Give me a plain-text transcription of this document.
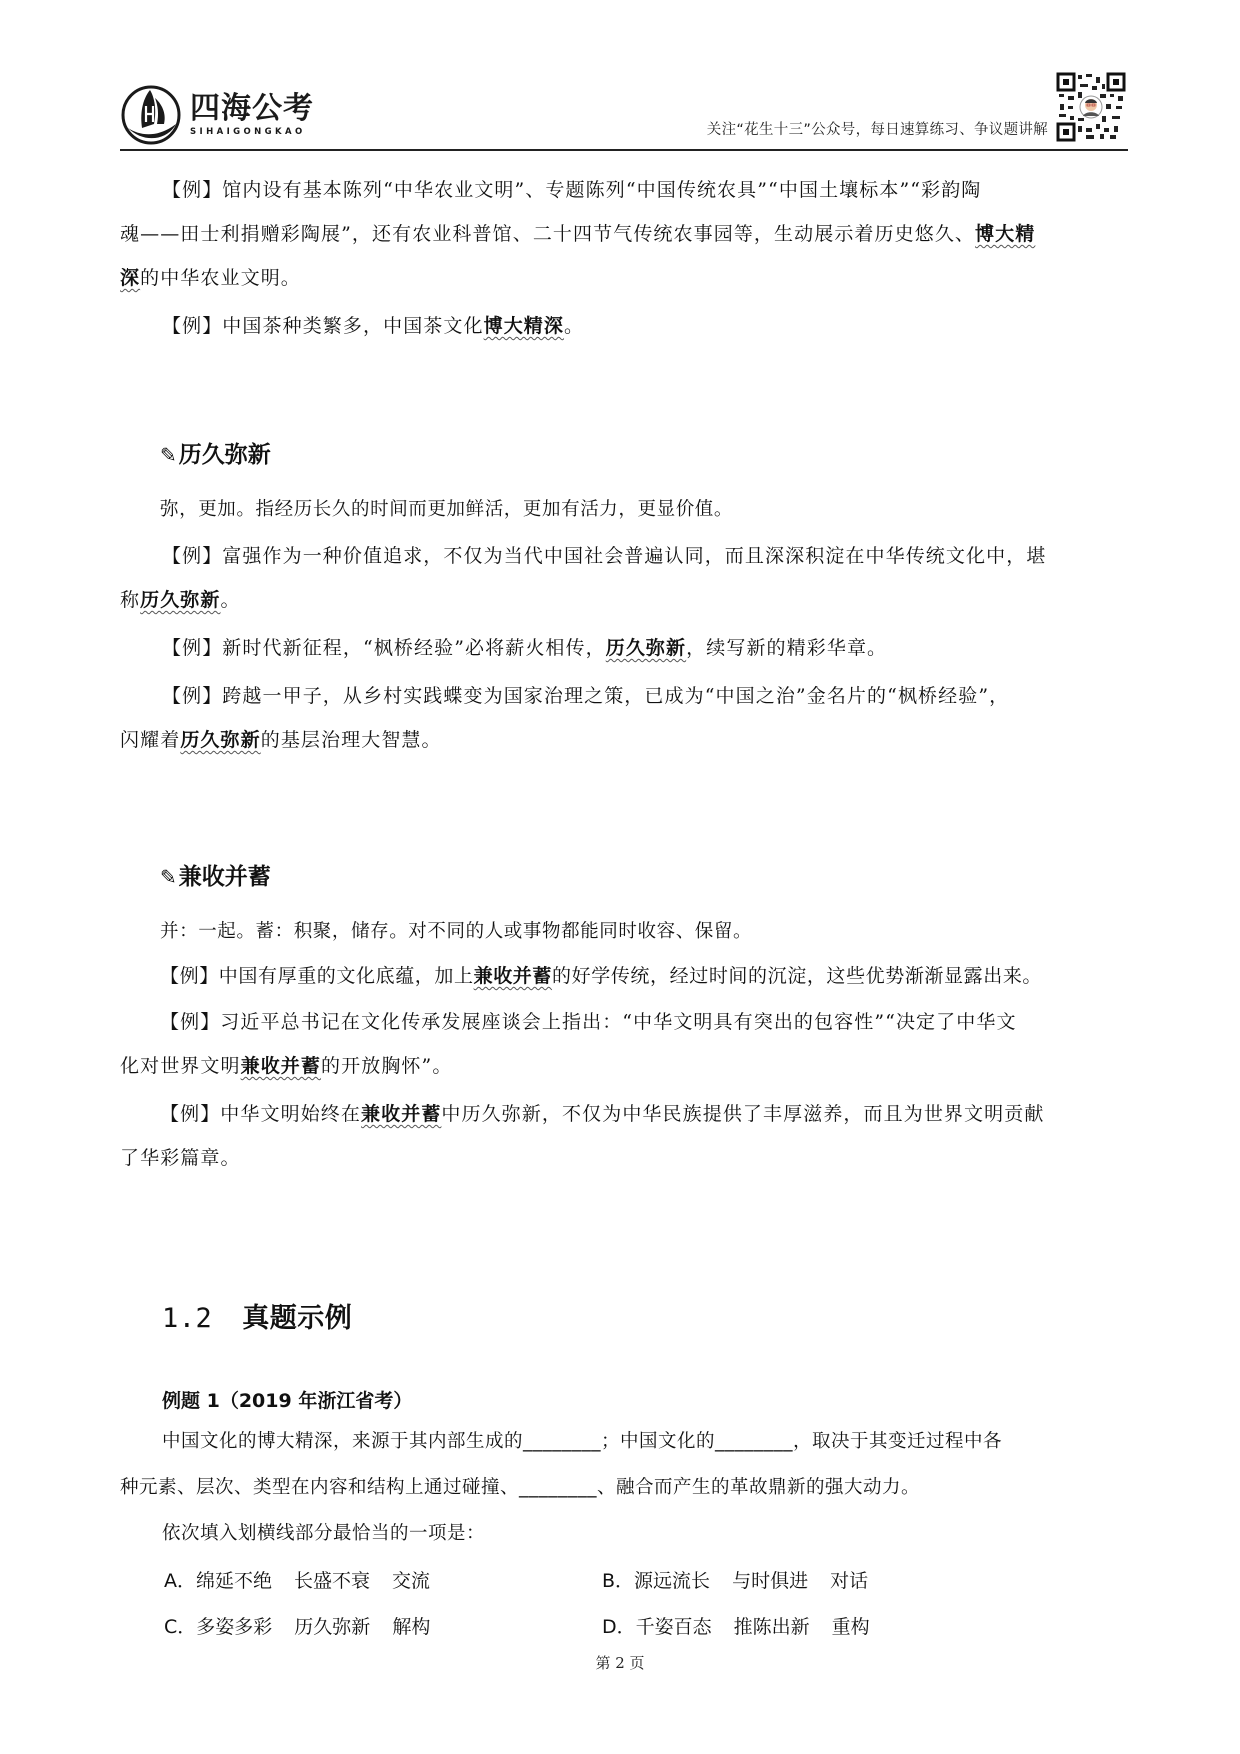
四海公考
SIHAIGONGKAO	关注“花生十三”公众号，每日速算练习、争议题讲解
【例】馆内设有基本陈列“中华农业文明”、专题陈列“中国传统农具”“中国土壤标本”“彩韵陶
魂——田士利捐赠彩陶展”，还有农业科普馆、二十四节气传统农事园等，生动展示着历史悠久、博大精
深的中华农业文明。
【例】中国茶种类繁多，中国茶文化博大精深。
✎历久弥新
弥，更加。指经历长久的时间而更加鲜活，更加有活力，更显价值。
【例】富强作为一种价值追求，不仅为当代中国社会普遍认同，而且深深积淀在中华传统文化中，堪
称历久弥新。
【例】新时代新征程，“枫桥经验”必将薪火相传，历久弥新，续写新的精彩华章。
【例】跨越一甲子，从乡村实践蝶变为国家治理之策，已成为“中国之治”金名片的“枫桥经验”，
闪耀着历久弥新的基层治理大智慧。
✎兼收并蓄
并：一起。蓄：积聚，储存。对不同的人或事物都能同时收容、保留。
【例】中国有厚重的文化底蕴，加上兼收并蓄的好学传统，经过时间的沉淀，这些优势渐渐显露出来。
【例】习近平总书记在文化传承发展座谈会上指出：“中华文明具有突出的包容性”“决定了中华文
化对世界文明兼收并蓄的开放胸怀”。
【例】中华文明始终在兼收并蓄中历久弥新，不仅为中华民族提供了丰厚滋养，而且为世界文明贡献
了华彩篇章。
1.2 真题示例
例题 1（2019 年浙江省考）
中国文化的博大精深，来源于其内部生成的________；中国文化的________，取决于其变迁过程中各
种元素、层次、类型在内容和结构上通过碰撞、________、融合而产生的革故鼎新的强大动力。
依次填入划横线部分最恰当的一项是：
A．绵延不绝 长盛不衰 交流	B．源远流长 与时俱进 对话
C．多姿多彩 历久弥新 解构	D．千姿百态 推陈出新 重构
第 2 页
